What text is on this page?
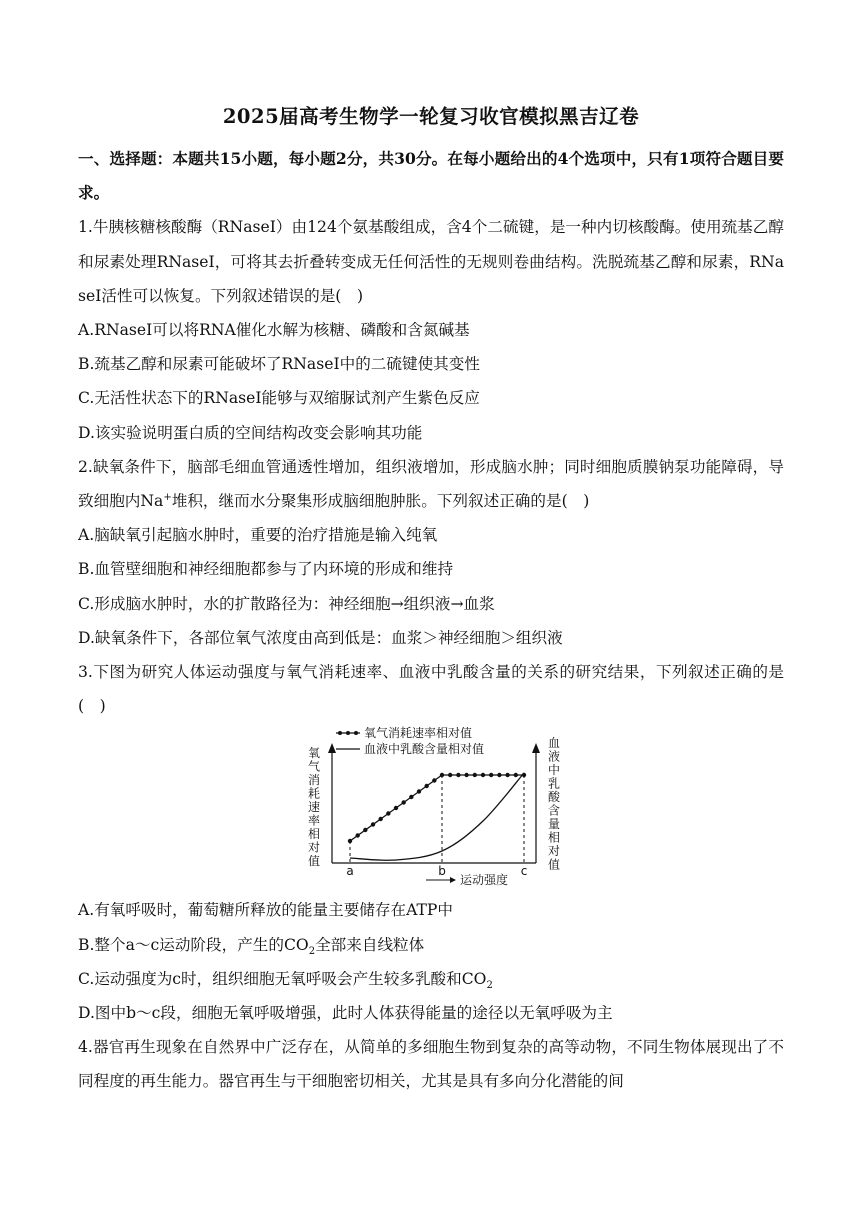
2025届高考生物学一轮复习收官模拟黑吉辽卷

一、选择题：本题共15小题，每小题2分，共30分。在每小题给出的4个选项中，只有1项符合题目要求。

1.牛胰核糖核酸酶（RNaseI）由124个氨基酸组成，含4个二硫键，是一种内切核酸酶。使用巯基乙醇和尿素处理RNaseI，可将其去折叠转变成无任何活性的无规则卷曲结构。洗脱巯基乙醇和尿素，RNaseI活性可以恢复。下列叙述错误的是(　)

A.RNaseI可以将RNA催化水解为核糖、磷酸和含氮碱基

B.巯基乙醇和尿素可能破坏了RNaseI中的二硫键使其变性

C.无活性状态下的RNaseI能够与双缩脲试剂产生紫色反应

D.该实验说明蛋白质的空间结构改变会影响其功能

2.缺氧条件下，脑部毛细血管通透性增加，组织液增加，形成脑水肿；同时细胞质膜钠泵功能障碍，导致细胞内Na+堆积，继而水分聚集形成脑细胞肿胀。下列叙述正确的是(　)

A.脑缺氧引起脑水肿时，重要的治疗措施是输入纯氧

B.血管壁细胞和神经细胞都参与了内环境的形成和维持

C.形成脑水肿时，水的扩散路径为：神经细胞→组织液→血浆

D.缺氧条件下，各部位氧气浓度由高到低是：血浆＞神经细胞＞组织液

3.下图为研究人体运动强度与氧气消耗速率、血液中乳酸含量的关系的研究结果，下列叙述正确的是(　)

氧气消耗速率相对值
血液中乳酸含量相对值
a	b	c
运动强度
氧气消耗速率相对值
血液中乳酸含量相对值

A.有氧呼吸时，葡萄糖所释放的能量主要储存在ATP中

B.整个a～c运动阶段，产生的$CO_2$全部来自线粒体

C.运动强度为c时，组织细胞无氧呼吸会产生较多乳酸和$CO_2$

D.图中b～c段，细胞无氧呼吸增强，此时人体获得能量的途径以无氧呼吸为主

4.器官再生现象在自然界中广泛存在，从简单的多细胞生物到复杂的高等动物，不同生物体展现出了不同程度的再生能力。器官再生与干细胞密切相关，尤其是具有多向分化潜能的间
